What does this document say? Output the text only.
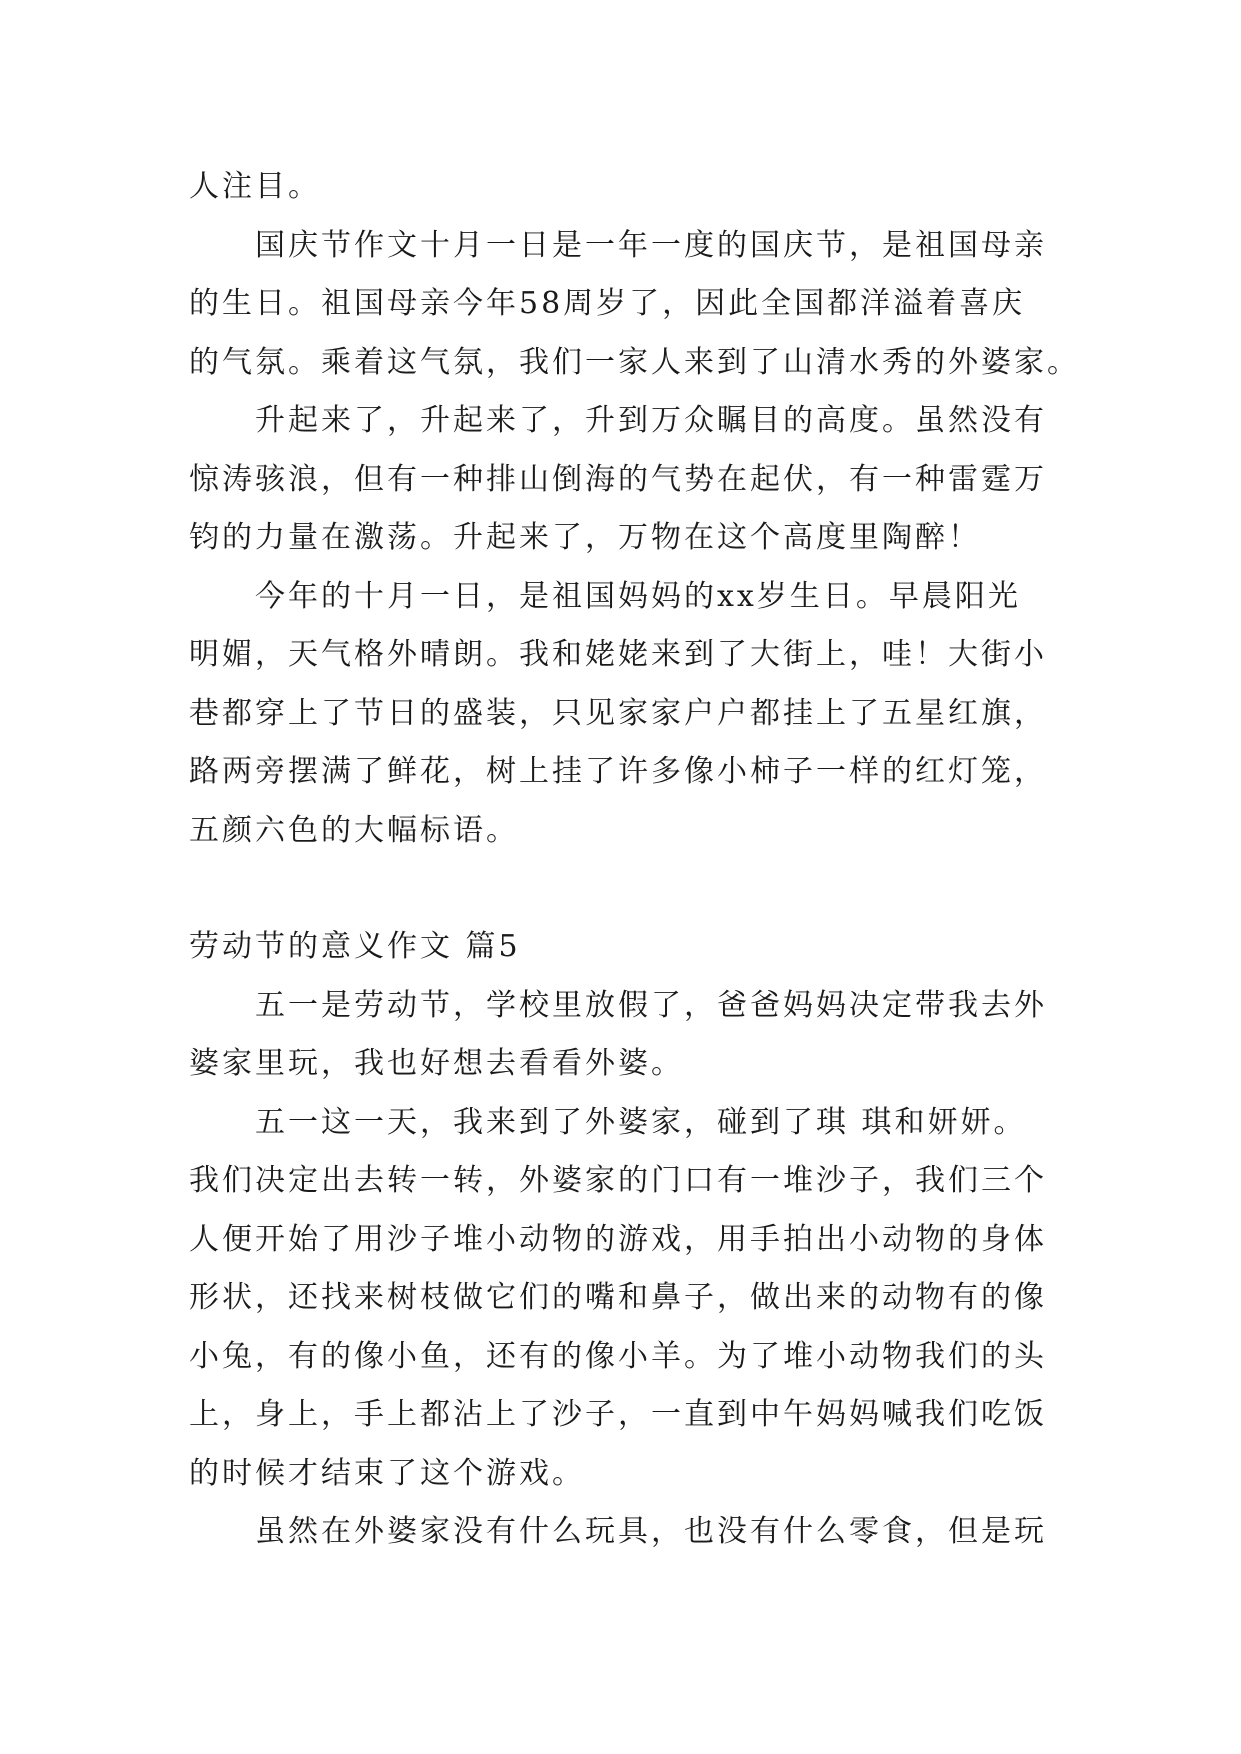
人注目。
国庆节作文十月一日是一年一度的国庆节，是祖国母亲
的生日。祖国母亲今年58周岁了，因此全国都洋溢着喜庆
的气氛。乘着这气氛，我们一家人来到了山清水秀的外婆家。
升起来了，升起来了，升到万众瞩目的高度。虽然没有
惊涛骇浪，但有一种排山倒海的气势在起伏，有一种雷霆万
钧的力量在激荡。升起来了，万物在这个高度里陶醉！
今年的十月一日，是祖国妈妈的xx岁生日。早晨阳光
明媚，天气格外晴朗。我和姥姥来到了大街上，哇！大街小
巷都穿上了节日的盛装，只见家家户户都挂上了五星红旗，
路两旁摆满了鲜花，树上挂了许多像小柿子一样的红灯笼，
五颜六色的大幅标语。
劳动节的意义作文 篇5
五一是劳动节，学校里放假了，爸爸妈妈决定带我去外
婆家里玩，我也好想去看看外婆。
五一这一天，我来到了外婆家，碰到了琪 琪和妍妍。
我们决定出去转一转，外婆家的门口有一堆沙子，我们三个
人便开始了用沙子堆小动物的游戏，用手拍出小动物的身体
形状，还找来树枝做它们的嘴和鼻子，做出来的动物有的像
小兔，有的像小鱼，还有的像小羊。为了堆小动物我们的头
上，身上，手上都沾上了沙子，一直到中午妈妈喊我们吃饭
的时候才结束了这个游戏。
虽然在外婆家没有什么玩具，也没有什么零食，但是玩
